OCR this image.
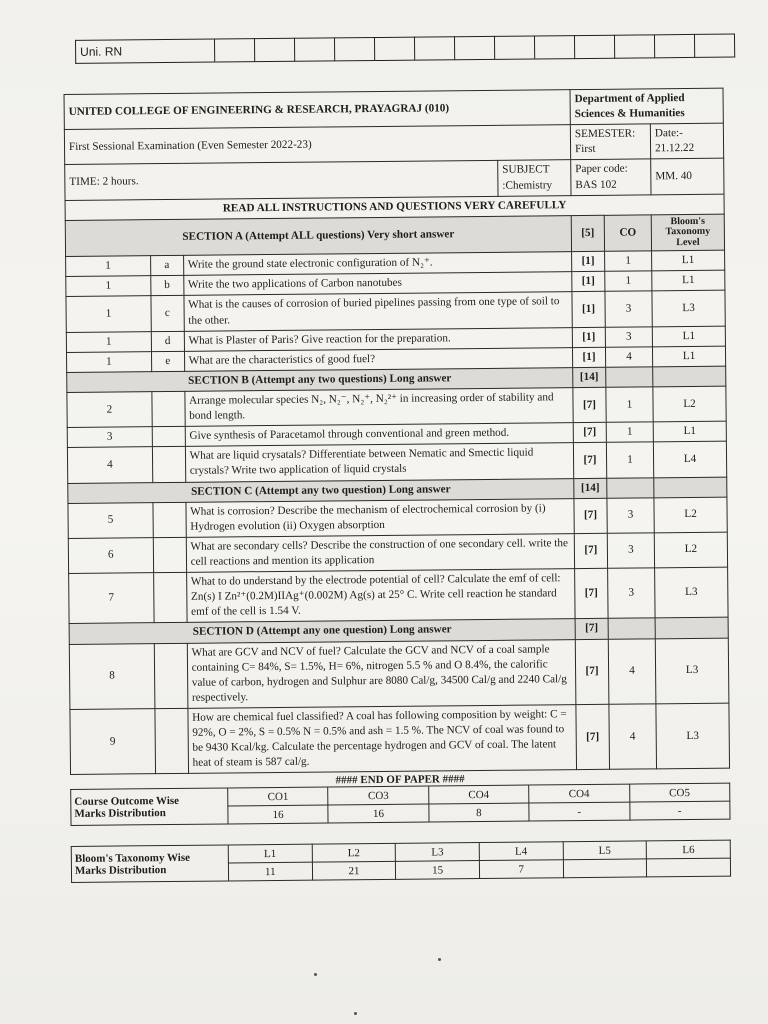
Uni. RN													
UNITED COLLEGE OF ENGINEERING & RESEARCH, PRAYAGRAJ (010)				Department of Applied Sciences & Humanities		
First Sessional Examination (Even Semester 2022-23)				SEMESTER: First		Date:- 21.12.22
TIME: 2 hours.			SUBJECT :Chemistry	Paper code: BAS 102		MM. 40
READ ALL INSTRUCTIONS AND QUESTIONS VERY CAREFULLY						
SECTION A (Attempt ALL questions) Very short answer				[5]	CO	Bloom's Taxonomy Level
1	a	Write the ground state electronic configuration of N₂⁺.		[1]	1	L1
1	b	Write the two applications of Carbon nanotubes		[1]	1	L1
1	c	What is the causes of corrosion of buried pipelines passing from one type of soil to the other.		[1]	3	L3
1	d	What is Plaster of Paris? Give reaction for the preparation.		[1]	3	L1
1	e	What are the characteristics of good fuel?		[1]	4	L1
SECTION B (Attempt any two questions) Long answer				[14]		
2		Arrange molecular species N₂, N₂⁻, N₂⁺, N₂²⁺ in increasing order of stability and bond length.		[7]	1	L2
3		Give synthesis of Paracetamol through conventional and green method.		[7]	1	L1
4		What are liquid crysatals? Differentiate between Nematic and Smectic liquid crystals? Write two application of liquid crystals		[7]	1	L4
SECTION C (Attempt any two question) Long answer				[14]		
5		What is corrosion? Describe the mechanism of electrochemical corrosion by (i) Hydrogen evolution (ii) Oxygen absorption		[7]	3	L2
6		What are secondary cells? Describe the construction of one secondary cell. write the cell reactions and mention its application		[7]	3	L2
7		What to do understand by the electrode potential of cell? Calculate the emf of cell: Zn(s) I Zn²⁺(0.2M)IIAg⁺(0.002M) Ag(s) at 25° C. Write cell reaction he standard emf of the cell is 1.54 V.		[7]	3	L3
SECTION D (Attempt any one question) Long answer				[7]		
8		What are GCV and NCV of fuel? Calculate the GCV and NCV of a coal sample containing C= 84%, S= 1.5%, H= 6%, nitrogen 5.5 % and O 8.4%, the calorific value of carbon, hydrogen and Sulphur are 8080 Cal/g, 34500 Cal/g and 2240 Cal/g respectively.		[7]	4	L3
9		How are chemical fuel classified? A coal has following composition by weight: C = 92%, O = 2%, S = 0.5% N = 0.5% and ash = 1.5 %. The NCV of coal was found to be 9430 Kcal/kg. Calculate the percentage hydrogen and GCV of coal. The latent heat of steam is 587 cal/g.		[7]	4	L3
#### END OF PAPER ####
Course Outcome Wise
Marks Distribution	CO1	CO3	CO4	CO4	CO5
	16	16	8	-	-
Bloom's Taxonomy Wise
Marks Distribution	L1	L2	L3	L4	L5	L6
	11	21	15	7		
